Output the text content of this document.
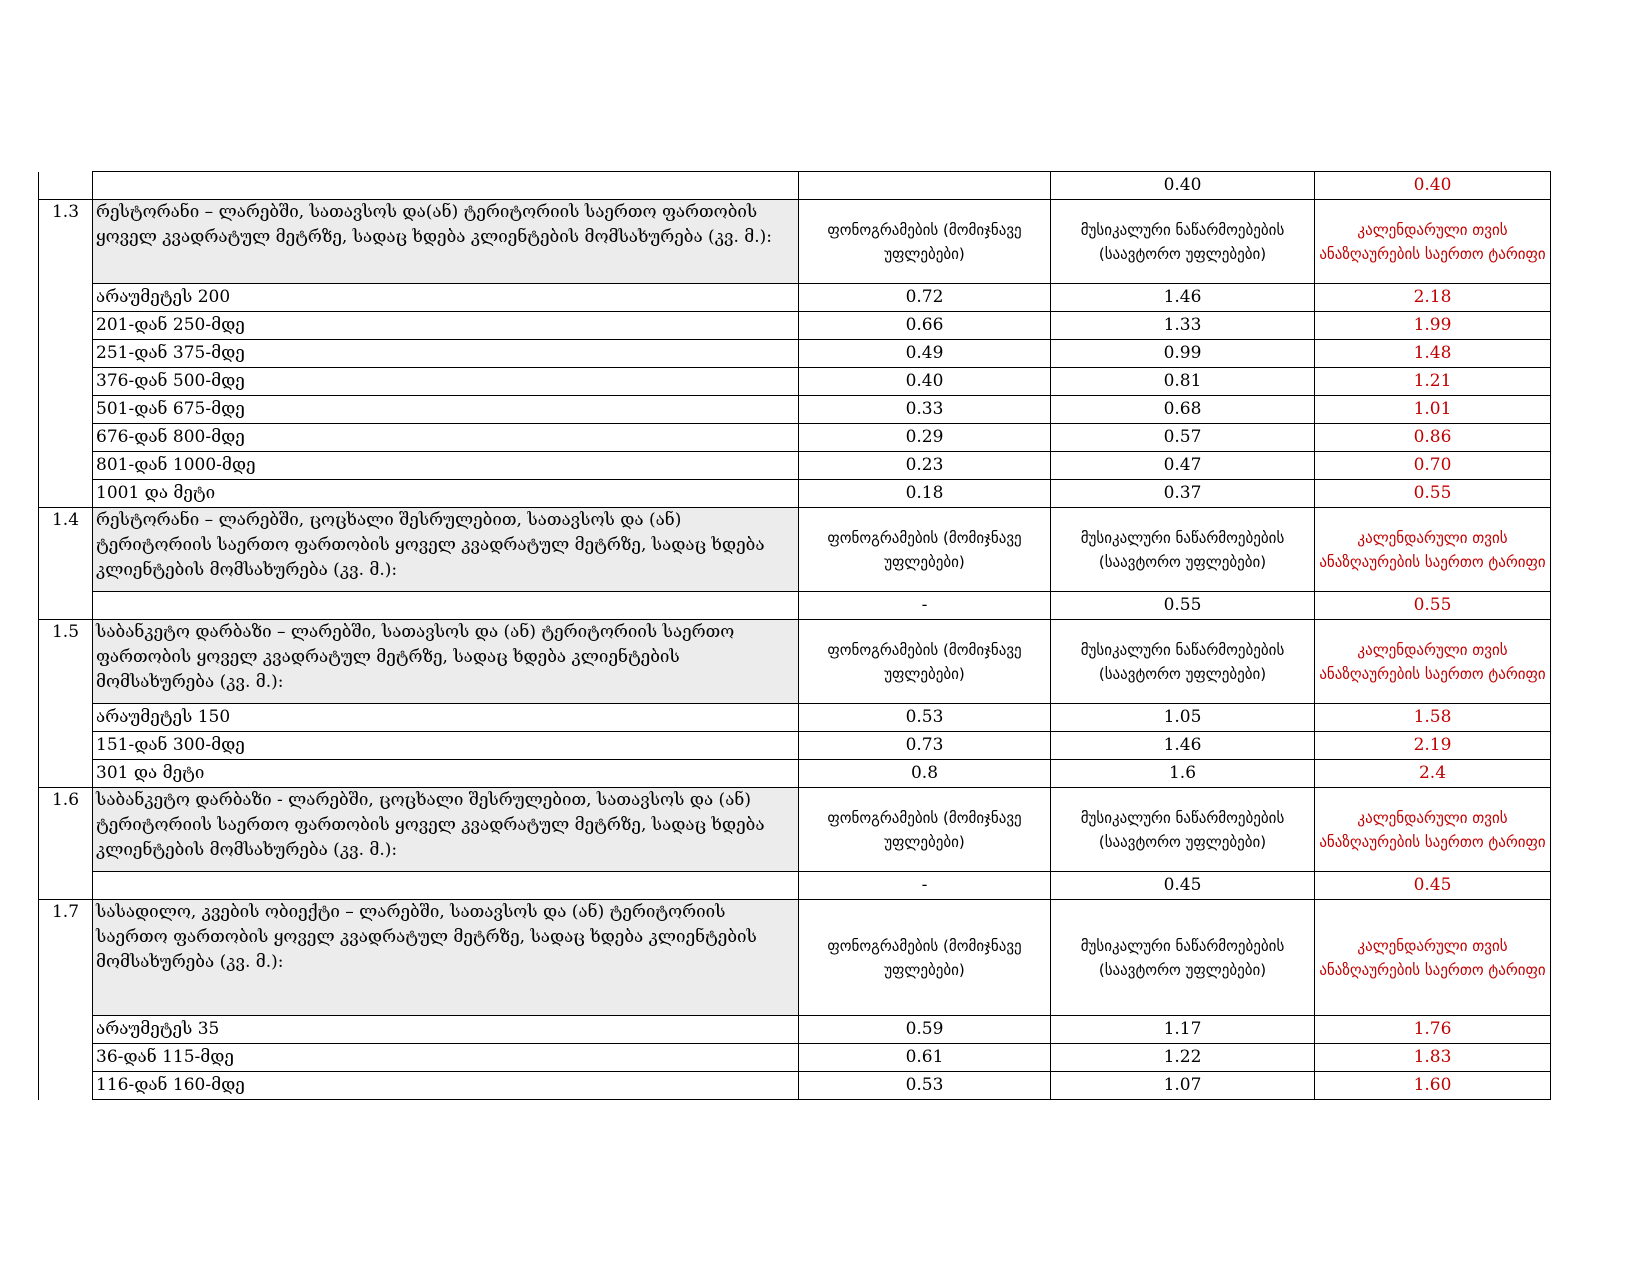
			0.40	0.40
1.3	რესტორანი – ლარებში, სათავსოს და(ან) ტერიტორიის საერთო ფართობის ყოველ კვადრატულ მეტრზე, სადაც ხდება კლიენტების მომსახურება (კვ. მ.):	ფონოგრამების (მომიჯნავე უფლებები)	მუსიკალური ნაწარმოებების (საავტორო უფლებები)	კალენდარული თვის ანაზღაურების საერთო ტარიფი
	არაუმეტეს 200	0.72	1.46	2.18
	201-დან 250-მდე	0.66	1.33	1.99
	251-დან 375-მდე	0.49	0.99	1.48
	376-დან 500-მდე	0.40	0.81	1.21
	501-დან 675-მდე	0.33	0.68	1.01
	676-დან 800-მდე	0.29	0.57	0.86
	801-დან 1000-მდე	0.23	0.47	0.70
	1001 და მეტი	0.18	0.37	0.55
1.4	რესტორანი – ლარებში, ცოცხალი შესრულებით, სათავსოს და (ან) ტერიტორიის საერთო ფართობის ყოველ კვადრატულ მეტრზე, სადაც ხდება კლიენტების მომსახურება (კვ. მ.):	ფონოგრამების (მომიჯნავე უფლებები)	მუსიკალური ნაწარმოებების (საავტორო უფლებები)	კალენდარული თვის ანაზღაურების საერთო ტარიფი
		-	0.55	0.55
1.5	საბანკეტო დარბაზი – ლარებში, სათავსოს და (ან) ტერიტორიის საერთო ფართობის ყოველ კვადრატულ მეტრზე, სადაც ხდება კლიენტების მომსახურება (კვ. მ.):	ფონოგრამების (მომიჯნავე უფლებები)	მუსიკალური ნაწარმოებების (საავტორო უფლებები)	კალენდარული თვის ანაზღაურების საერთო ტარიფი
	არაუმეტეს 150	0.53	1.05	1.58
	151-დან 300-მდე	0.73	1.46	2.19
	301 და მეტი	0.8	1.6	2.4
1.6	საბანკეტო დარბაზი - ლარებში, ცოცხალი შესრულებით, სათავსოს და (ან) ტერიტორიის საერთო ფართობის ყოველ კვადრატულ მეტრზე, სადაც ხდება კლიენტების მომსახურება (კვ. მ.):	ფონოგრამების (მომიჯნავე უფლებები)	მუსიკალური ნაწარმოებების (საავტორო უფლებები)	კალენდარული თვის ანაზღაურების საერთო ტარიფი
		-	0.45	0.45
1.7	სასადილო, კვების ობიექტი – ლარებში, სათავსოს და (ან) ტერიტორიის საერთო ფართობის ყოველ კვადრატულ მეტრზე, სადაც ხდება კლიენტების მომსახურება (კვ. მ.):	ფონოგრამების (მომიჯნავე უფლებები)	მუსიკალური ნაწარმოებების (საავტორო უფლებები)	კალენდარული თვის ანაზღაურების საერთო ტარიფი
	არაუმეტეს 35	0.59	1.17	1.76
	36-დან 115-მდე	0.61	1.22	1.83
	116-დან 160-მდე	0.53	1.07	1.60
